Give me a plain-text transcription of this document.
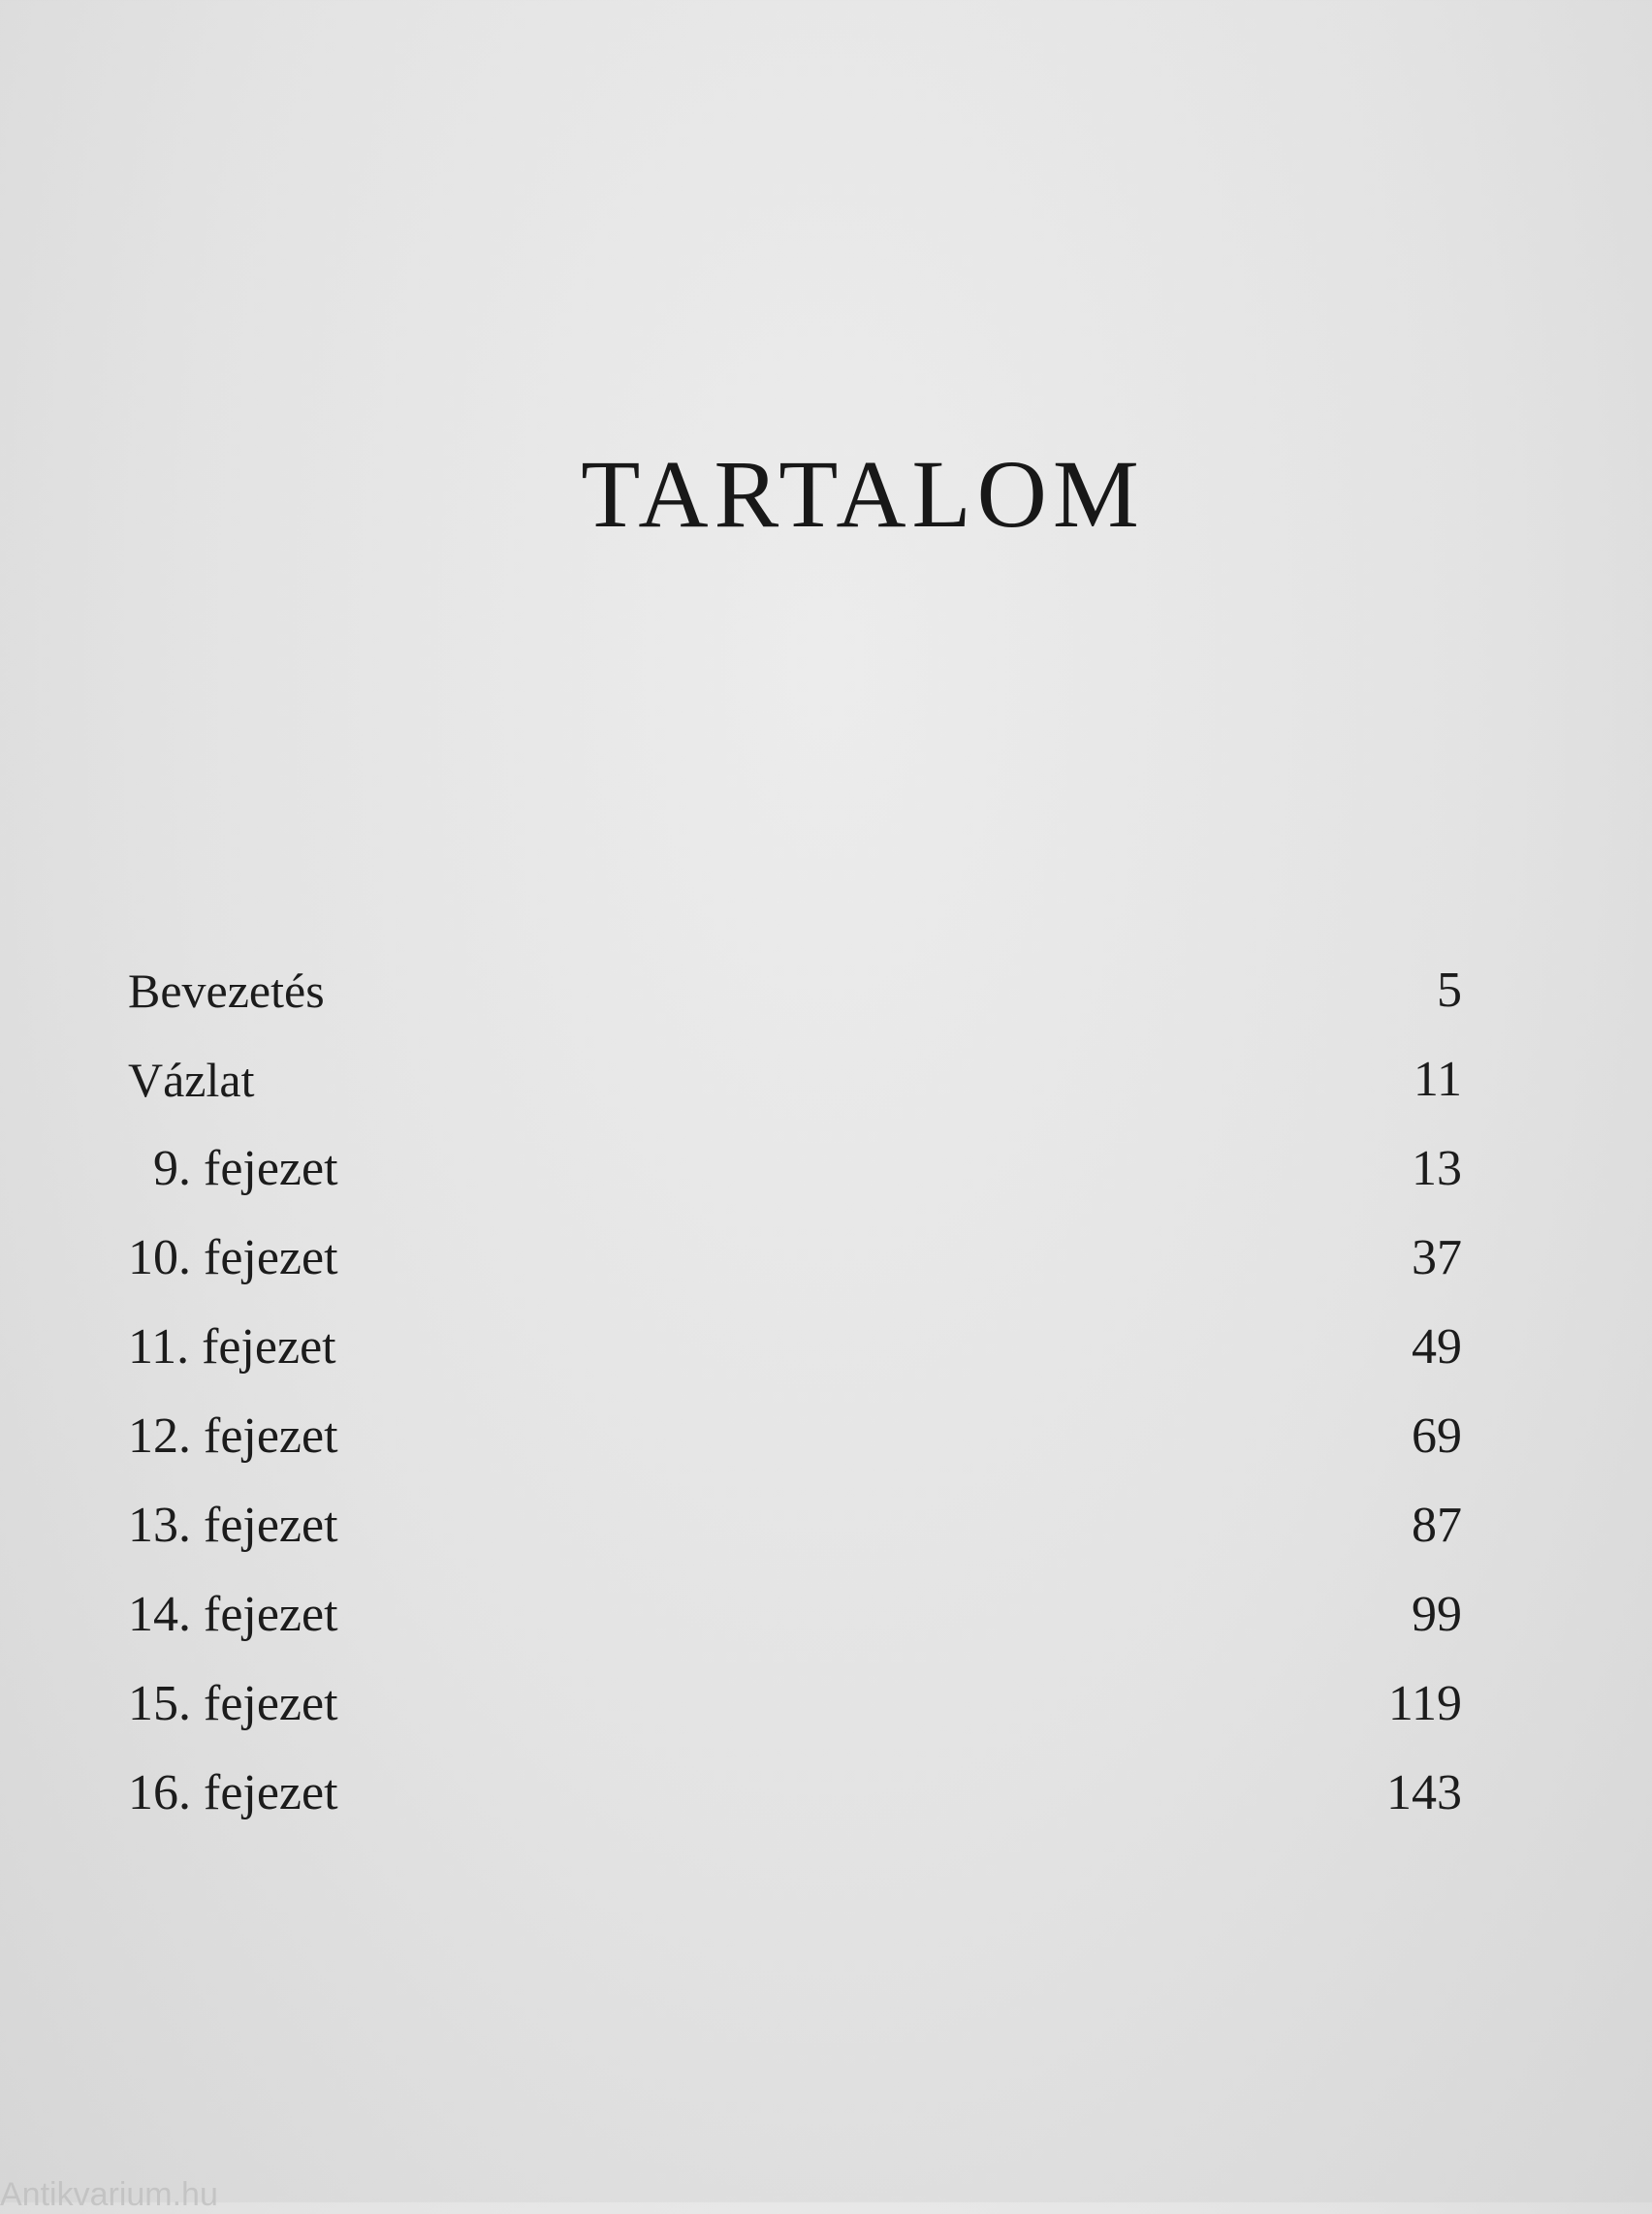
TARTALOM
Bevezetés	5
Vázlat	11
9. fejezet	13
10. fejezet	37
11. fejezet	49
12. fejezet	69
13. fejezet	87
14. fejezet	99
15. fejezet	119
16. fejezet	143
Antikvarium.hu
